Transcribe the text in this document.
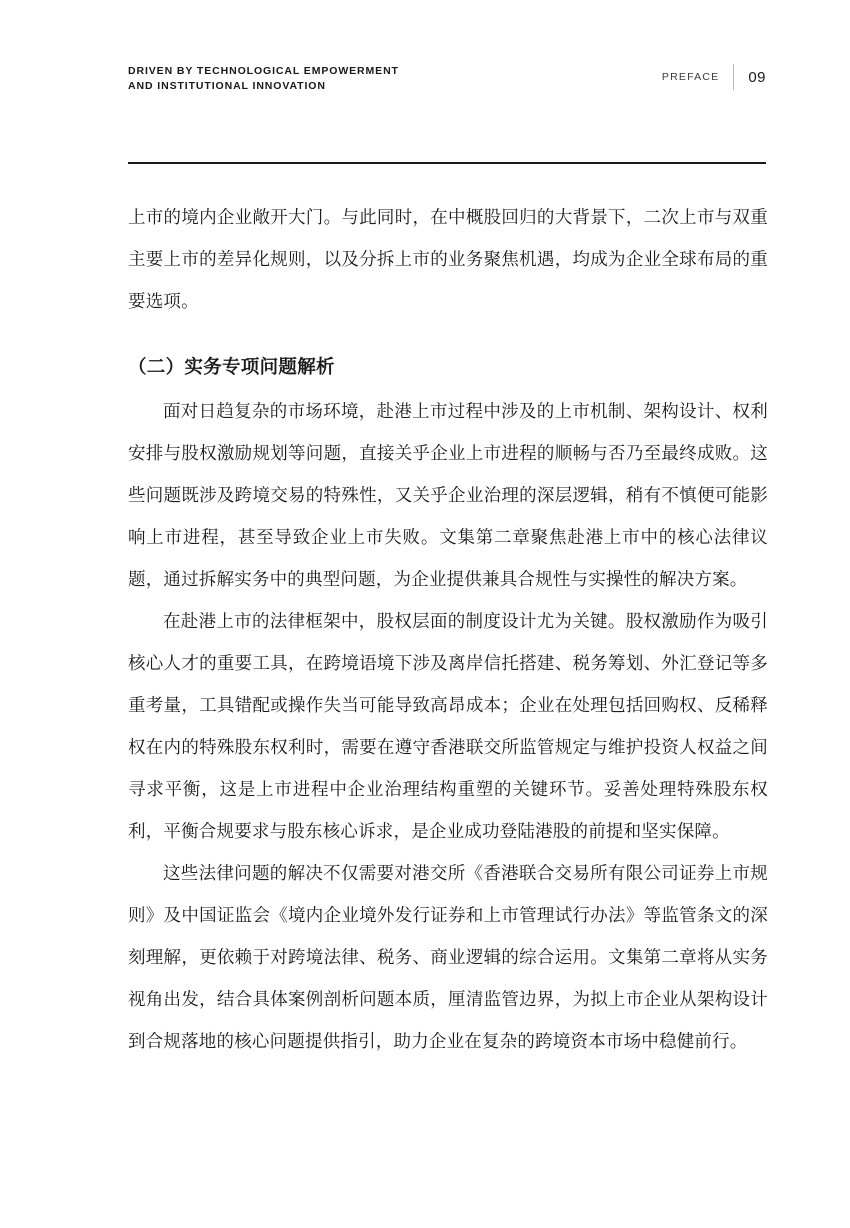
DRIVEN BY TECHNOLOGICAL EMPOWERMENT
AND INSTITUTIONAL INNOVATION
PREFACE	09

上市的境内企业敞开大门。与此同时，在中概股回归的大背景下，二次上市与双重主要上市的差异化规则，以及分拆上市的业务聚焦机遇，均成为企业全球布局的重要选项。

（二）实务专项问题解析

面对日趋复杂的市场环境，赴港上市过程中涉及的上市机制、架构设计、权利安排与股权激励规划等问题，直接关乎企业上市进程的顺畅与否乃至最终成败。这些问题既涉及跨境交易的特殊性，又关乎企业治理的深层逻辑，稍有不慎便可能影响上市进程，甚至导致企业上市失败。文集第二章聚焦赴港上市中的核心法律议题，通过拆解实务中的典型问题，为企业提供兼具合规性与实操性的解决方案。

在赴港上市的法律框架中，股权层面的制度设计尤为关键。股权激励作为吸引核心人才的重要工具，在跨境语境下涉及离岸信托搭建、税务筹划、外汇登记等多重考量，工具错配或操作失当可能导致高昂成本；企业在处理包括回购权、反稀释权在内的特殊股东权利时，需要在遵守香港联交所监管规定与维护投资人权益之间寻求平衡，这是上市进程中企业治理结构重塑的关键环节。妥善处理特殊股东权利，平衡合规要求与股东核心诉求，是企业成功登陆港股的前提和坚实保障。

这些法律问题的解决不仅需要对港交所《香港联合交易所有限公司证券上市规则》及中国证监会《境内企业境外发行证券和上市管理试行办法》等监管条文的深刻理解，更依赖于对跨境法律、税务、商业逻辑的综合运用。文集第二章将从实务视角出发，结合具体案例剖析问题本质，厘清监管边界，为拟上市企业从架构设计到合规落地的核心问题提供指引，助力企业在复杂的跨境资本市场中稳健前行。
